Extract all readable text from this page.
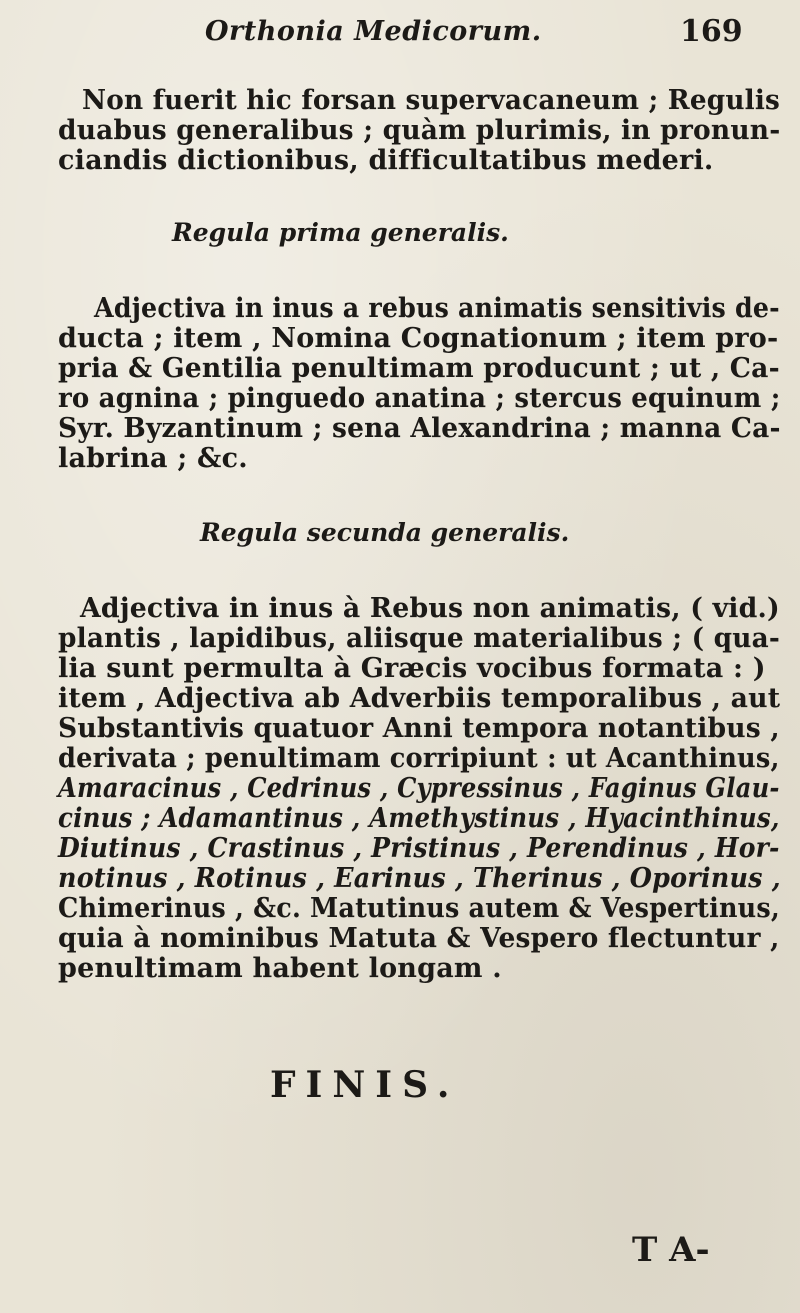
Orthonia Medicorum.	169
Non fuerit hic forsan supervacaneum ; Regulis
duabus generalibus ; quàm plurimis, in pronun-
ciandis dictionibus, difficultatibus mederi.
Regula prima generalis.
Adjectiva in inus a rebus animatis sensitivis de-
ducta ; item , Nomina Cognationum ; item pro-
pria & Gentilia penultimam producunt ; ut , Ca-
ro agnina ; pinguedo anatina ; stercus equinum ;
Syr. Byzantinum ; sena Alexandrina ; manna Ca-
labrina ; &c.
Regula secunda generalis.
Adjectiva in inus à Rebus non animatis, ( vid.)
plantis , lapidibus, aliisque materialibus ; ( qua-
lia sunt permulta à Græcis vocibus formata : )
item , Adjectiva ab Adverbiis temporalibus , aut
Substantivis quatuor Anni tempora notantibus ,
derivata ; penultimam corripiunt : ut Acanthinus,
Amaracinus , Cedrinus , Cypressinus , Faginus Glau-
cinus ; Adamantinus , Amethystinus , Hyacinthinus,
Diutinus , Crastinus , Pristinus , Perendinus , Hor-
notinus , Rotinus , Earinus , Therinus , Oporinus ,
Chimerinus , &c. Matutinus autem & Vespertinus,
quia à nominibus Matuta & Vespero flectuntur ,
penultimam habent longam .
FINIS.
T A-
